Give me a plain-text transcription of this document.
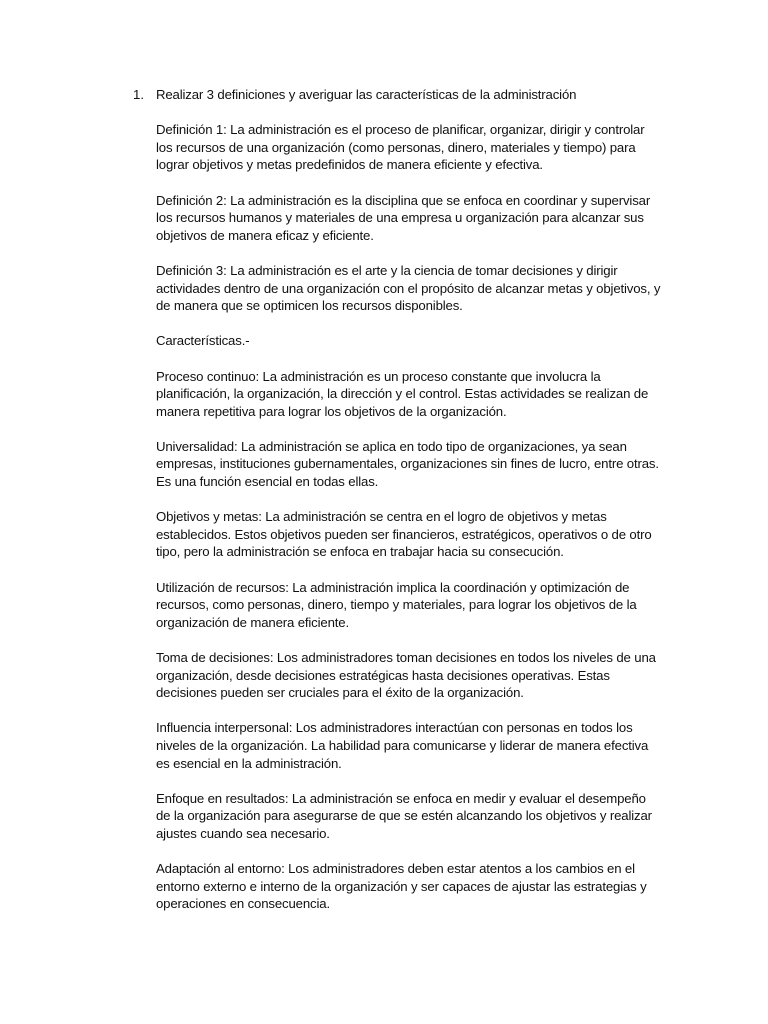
1. Realizar 3 definiciones y averiguar las características de la administración

Definición 1: La administración es el proceso de planificar, organizar, dirigir y controlar los recursos de una organización (como personas, dinero, materiales y tiempo) para lograr objetivos y metas predefinidos de manera eficiente y efectiva.

Definición 2: La administración es la disciplina que se enfoca en coordinar y supervisar los recursos humanos y materiales de una empresa u organización para alcanzar sus objetivos de manera eficaz y eficiente.

Definición 3: La administración es el arte y la ciencia de tomar decisiones y dirigir actividades dentro de una organización con el propósito de alcanzar metas y objetivos, y de manera que se optimicen los recursos disponibles.

Características.-

Proceso continuo: La administración es un proceso constante que involucra la planificación, la organización, la dirección y el control. Estas actividades se realizan de manera repetitiva para lograr los objetivos de la organización.

Universalidad: La administración se aplica en todo tipo de organizaciones, ya sean empresas, instituciones gubernamentales, organizaciones sin fines de lucro, entre otras. Es una función esencial en todas ellas.

Objetivos y metas: La administración se centra en el logro de objetivos y metas establecidos. Estos objetivos pueden ser financieros, estratégicos, operativos o de otro tipo, pero la administración se enfoca en trabajar hacia su consecución.

Utilización de recursos: La administración implica la coordinación y optimización de recursos, como personas, dinero, tiempo y materiales, para lograr los objetivos de la organización de manera eficiente.

Toma de decisiones: Los administradores toman decisiones en todos los niveles de una organización, desde decisiones estratégicas hasta decisiones operativas. Estas decisiones pueden ser cruciales para el éxito de la organización.

Influencia interpersonal: Los administradores interactúan con personas en todos los niveles de la organización. La habilidad para comunicarse y liderar de manera efectiva es esencial en la administración.

Enfoque en resultados: La administración se enfoca en medir y evaluar el desempeño de la organización para asegurarse de que se estén alcanzando los objetivos y realizar ajustes cuando sea necesario.

Adaptación al entorno: Los administradores deben estar atentos a los cambios en el entorno externo e interno de la organización y ser capaces de ajustar las estrategias y operaciones en consecuencia.
